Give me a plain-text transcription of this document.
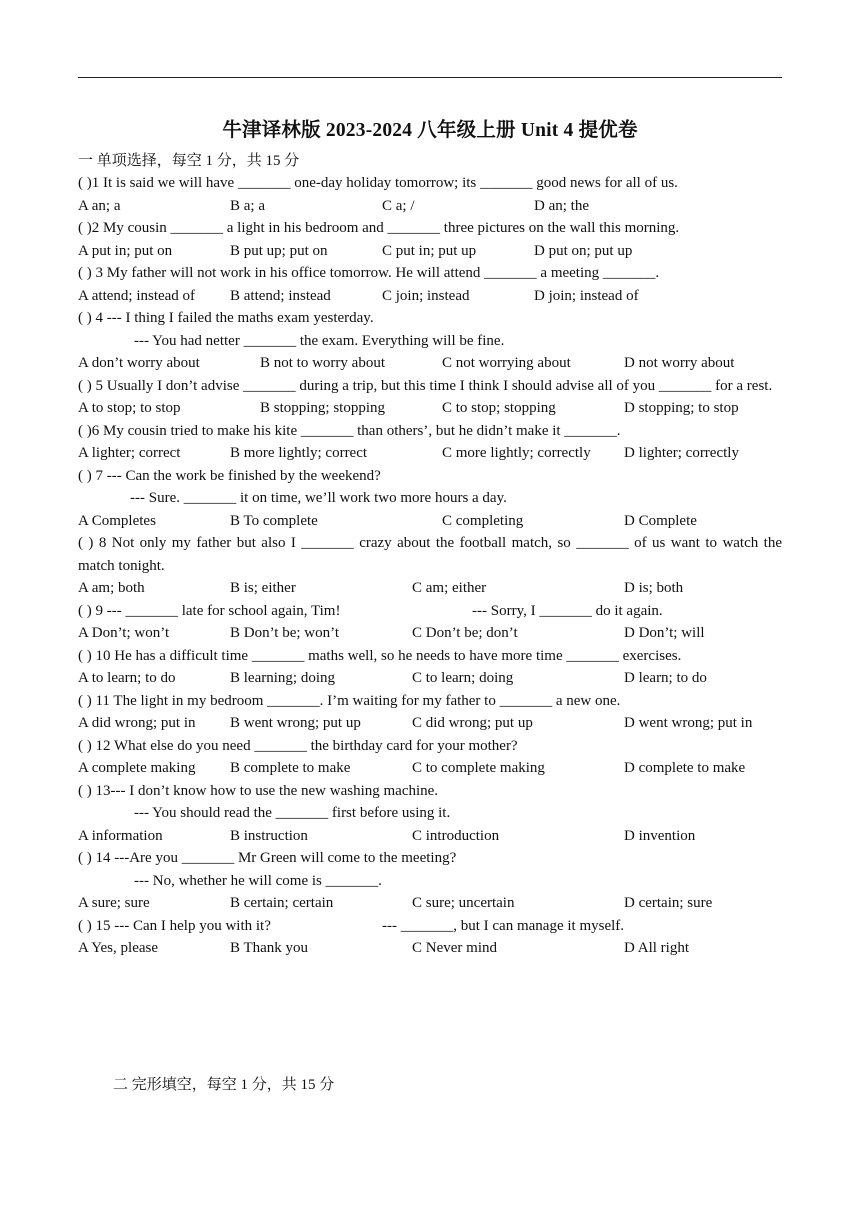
牛津译林版 2023-2024 八年级上册 Unit 4 提优卷
一 单项选择，每空 1 分，共 15 分

( )1 It is said we will have _______ one-day holiday tomorrow; its _______ good news for all of us.

A an; a	B a; a	C a; /	D an; the

( )2 My cousin _______ a light in his bedroom and _______ three pictures on the wall this morning.

A put in; put on	B put up; put on	C put in; put up	D put on; put up

( ) 3 My father will not work in his office tomorrow. He will attend _______ a meeting _______.

A attend; instead of B attend; instead	C join; instead	D join; instead of

( ) 4 --- I thing I failed the maths exam yesterday.

--- You had netter _______ the exam. Everything will be fine.

A don’t worry about	B not to worry about	C not worrying about	D not worry about

( ) 5 Usually I don’t advise _______ during a trip, but this time I think I should advise all of you _______ for a rest.

A to stop; to stop	B stopping; stopping	C to stop; stopping	D stopping; to stop

( )6 My cousin tried to make his kite _______ than others’, but he didn’t make it _______.

A lighter; correct	B more lightly; correct	C more lightly; correctly D lighter; correctly

( ) 7 --- Can the work be finished by the weekend?

--- Sure. _______ it on time, we’ll work two more hours a day.

A Completes	B To complete	C completing	D Complete

( ) 8 Not only my father but also I _______ crazy about the football match, so _______ of us want to watch the match tonight.

A am; both	B is; either	C am; either	D is; both
( ) 9 --- _______ late for school again, Tim!	--- Sorry, I _______ do it again.
A Don’t; won’t	B Don’t be; won’t	C Don’t be; don’t	D Don’t; will

( ) 10 He has a difficult time _______ maths well, so he needs to have more time _______ exercises.

A to learn; to do	B learning; doing	C to learn; doing	D learn; to do

( ) 11 The light in my bedroom _______. I’m waiting for my father to _______ a new one.

A did wrong; put in B went wrong; put up	C did wrong; put up	D went wrong; put in

( ) 12 What else do you need _______ the birthday card for your mother?

A complete making B complete to make	C to complete making	D complete to make

( ) 13--- I don’t know how to use the new washing machine.

--- You should read the _______ first before using it.

A information	B instruction	C introduction	D invention

( ) 14 ---Are you _______ Mr Green will come to the meeting?

--- No, whether he will come is _______.

A sure; sure	B certain; certain	C sure; uncertain	D certain; sure
( ) 15 --- Can I help you with it?	--- _______, but I can manage it myself.
A Yes, please	B Thank you	C Never mind	D All right
二 完形填空，每空 1 分，共 15 分
